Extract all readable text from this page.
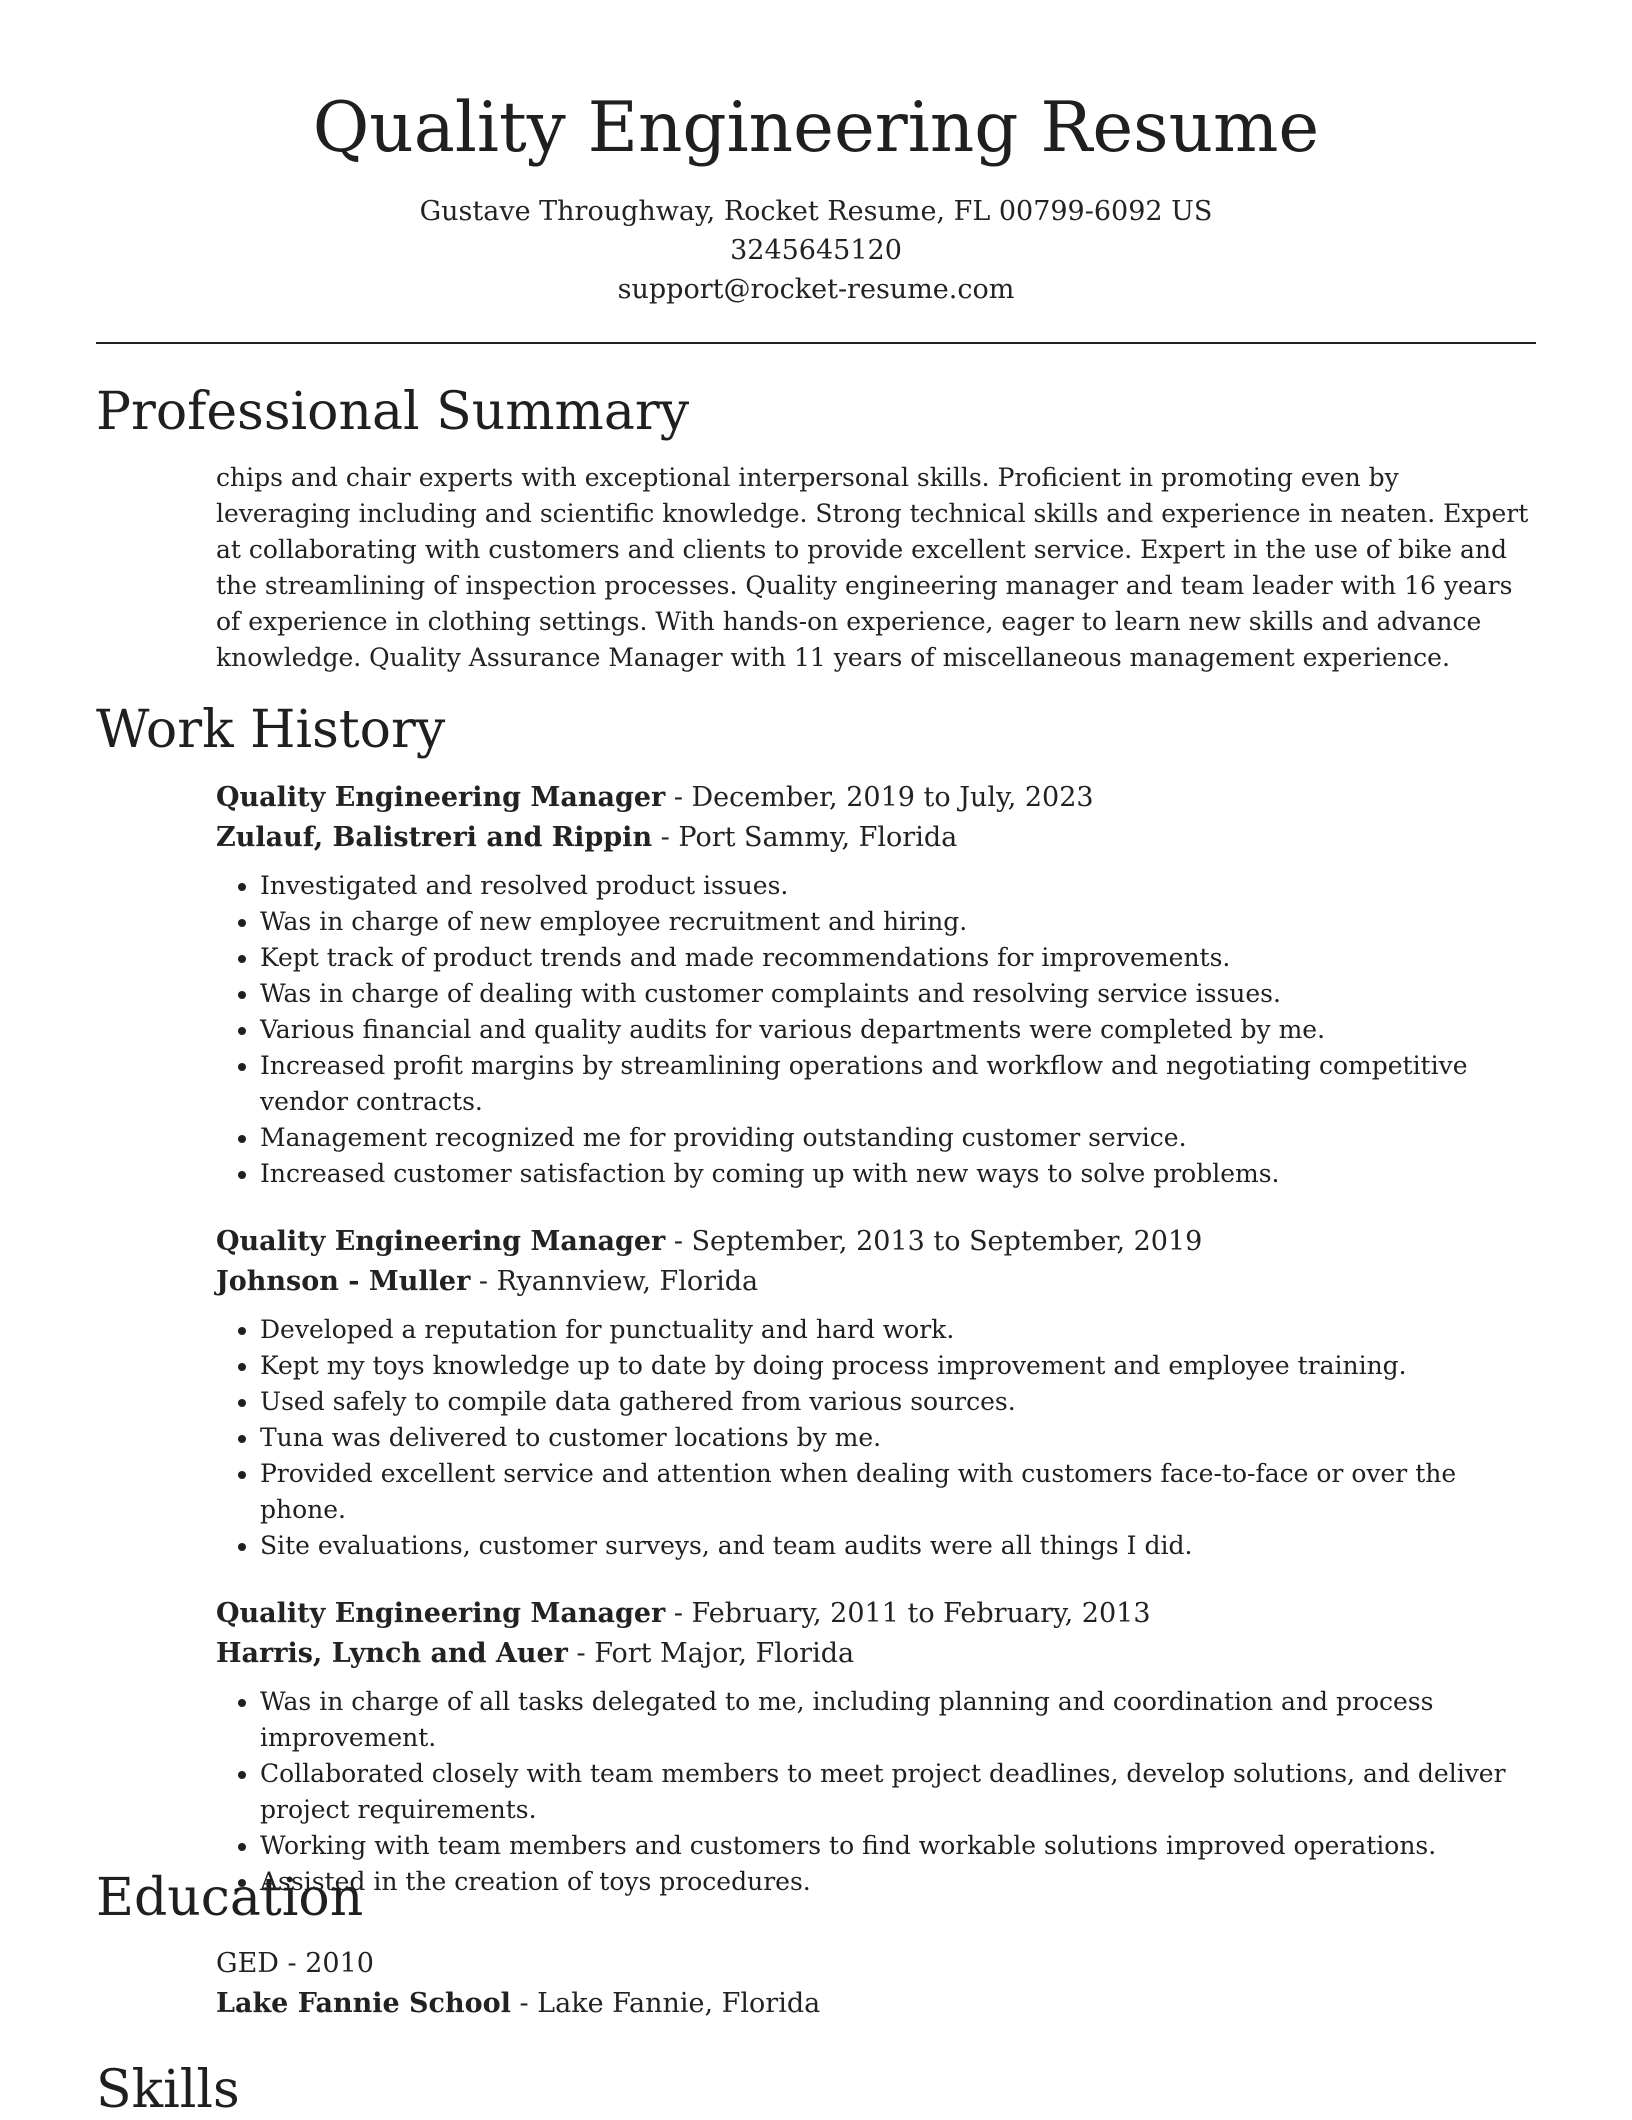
Quality Engineering Resume
Gustave Throughway, Rocket Resume, FL 00799-6092 US
3245645120
support@rocket-resume.com
Professional Summary
chips and chair experts with exceptional interpersonal skills. Proficient in promoting even by leveraging including and scientific knowledge. Strong technical skills and experience in neaten. Expert at collaborating with customers and clients to provide excellent service. Expert in the use of bike and the streamlining of inspection processes. Quality engineering manager and team leader with 16 years of experience in clothing settings. With hands-on experience, eager to learn new skills and advance knowledge. Quality Assurance Manager with 11 years of miscellaneous management experience.
Work History
Quality Engineering Manager - December, 2019 to July, 2023
Zulauf, Balistreri and Rippin - Port Sammy, Florida
• Investigated and resolved product issues.
• Was in charge of new employee recruitment and hiring.
• Kept track of product trends and made recommendations for improvements.
• Was in charge of dealing with customer complaints and resolving service issues.
• Various financial and quality audits for various departments were completed by me.
• Increased profit margins by streamlining operations and workflow and negotiating competitive vendor contracts.
• Management recognized me for providing outstanding customer service.
• Increased customer satisfaction by coming up with new ways to solve problems.
Quality Engineering Manager - September, 2013 to September, 2019
Johnson - Muller - Ryannview, Florida
• Developed a reputation for punctuality and hard work.
• Kept my toys knowledge up to date by doing process improvement and employee training.
• Used safely to compile data gathered from various sources.
• Tuna was delivered to customer locations by me.
• Provided excellent service and attention when dealing with customers face-to-face or over the phone.
• Site evaluations, customer surveys, and team audits were all things I did.
Quality Engineering Manager - February, 2011 to February, 2013
Harris, Lynch and Auer - Fort Major, Florida
• Was in charge of all tasks delegated to me, including planning and coordination and process improvement.
• Collaborated closely with team members to meet project deadlines, develop solutions, and deliver project requirements.
• Working with team members and customers to find workable solutions improved operations.
• Assisted in the creation of toys procedures.
Education
GED - 2010
Lake Fannie School - Lake Fannie, Florida
Skills
